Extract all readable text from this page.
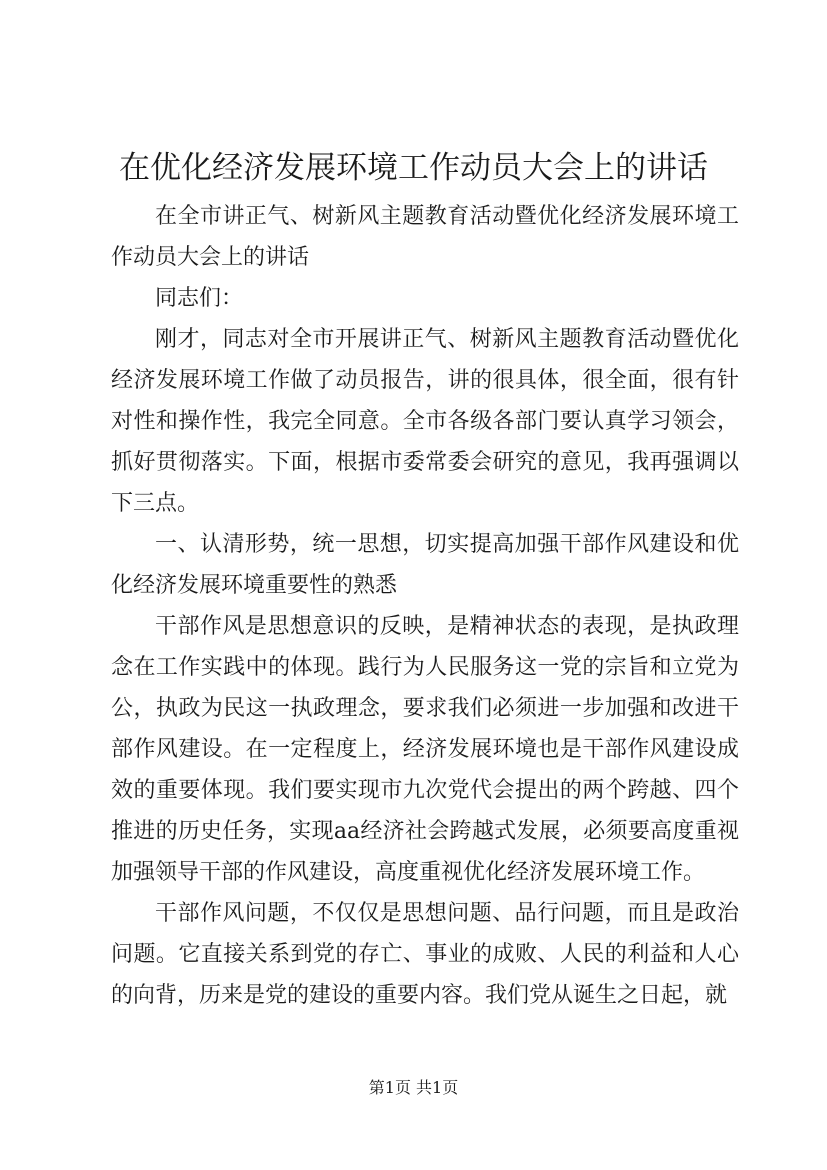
在优化经济发展环境工作动员大会上的讲话

在全市讲正气、树新风主题教育活动暨优化经济发展环境工作动员大会上的讲话

同志们：

刚才，同志对全市开展讲正气、树新风主题教育活动暨优化经济发展环境工作做了动员报告，讲的很具体，很全面，很有针对性和操作性，我完全同意。全市各级各部门要认真学习领会，抓好贯彻落实。下面，根据市委常委会研究的意见，我再强调以下三点。

一、认清形势，统一思想，切实提高加强干部作风建设和优化经济发展环境重要性的熟悉

干部作风是思想意识的反映，是精神状态的表现，是执政理念在工作实践中的体现。践行为人民服务这一党的宗旨和立党为公，执政为民这一执政理念，要求我们必须进一步加强和改进干部作风建设。在一定程度上，经济发展环境也是干部作风建设成效的重要体现。我们要实现市九次党代会提出的两个跨越、四个推进的历史任务，实现aa经济社会跨越式发展，必须要高度重视加强领导干部的作风建设，高度重视优化经济发展环境工作。

干部作风问题，不仅仅是思想问题、品行问题，而且是政治问题。它直接关系到党的存亡、事业的成败、人民的利益和人心的向背，历来是党的建设的重要内容。我们党从诞生之日起，就

第1页 共1页
